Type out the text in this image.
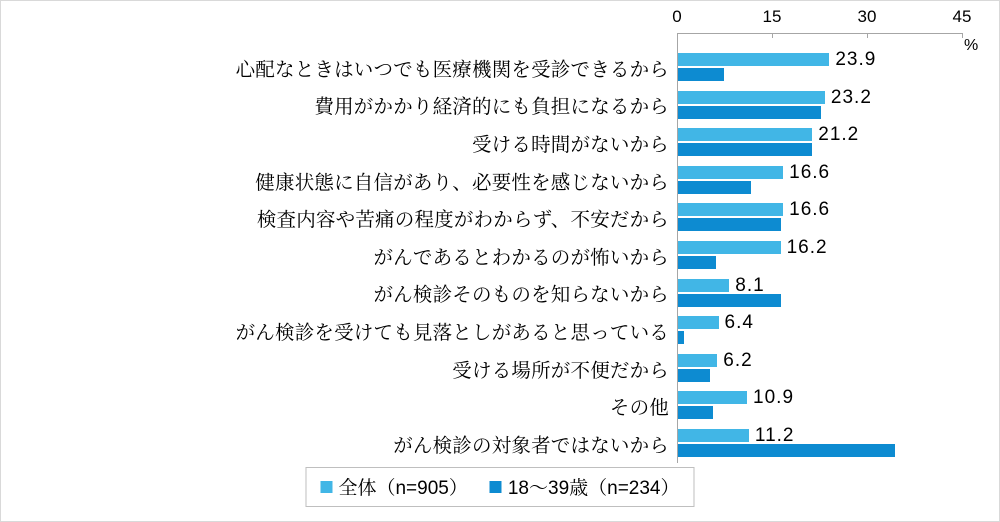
0	15	30	45
%
心配なときはいつでも医療機関を受診できるから	23.9
費用がかかり経済的にも負担になるから	23.2
受ける時間がないから	21.2
健康状態に自信があり、必要性を感じないから	16.6
検査内容や苦痛の程度がわからず、不安だから	16.6
がんであるとわかるのが怖いから	16.2
がん検診そのものを知らないから	8.1
がん検診を受けても見落としがあると思っている	6.4
受ける場所が不便だから	6.2
その他	10.9
がん検診の対象者ではないから	11.2
全体（n=905） 18〜39歳（n=234）
